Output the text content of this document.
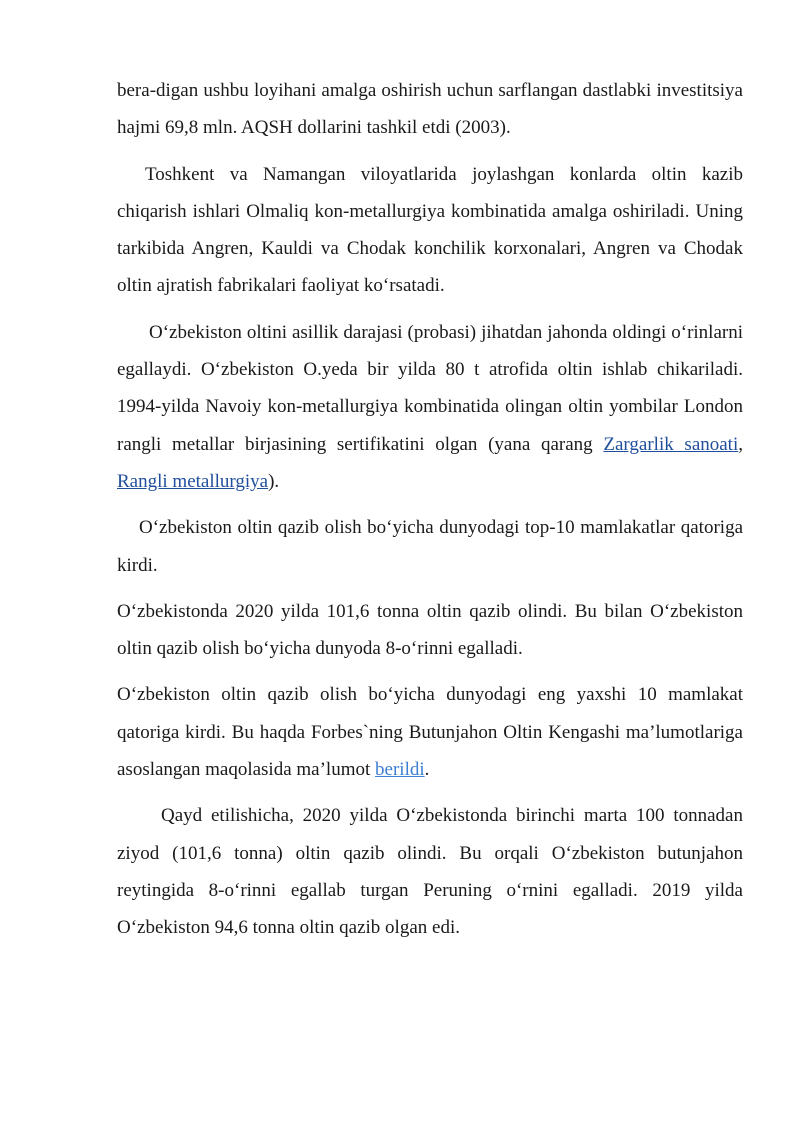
bera-digan ushbu loyihani amalga oshirish uchun sarflangan dastlabki investitsiya hajmi 69,8 mln. AQSH dollarini tashkil etdi (2003).

Toshkent va Namangan viloyatlarida joylashgan konlarda oltin kazib chiqarish ishlari Olmaliq kon-metallurgiya kombinatida amalga oshiriladi. Uning tarkibida Angren, Kauldi va Chodak konchilik korxonalari, Angren va Chodak oltin ajratish fabrikalari faoliyat koʻrsatadi.

Oʻzbekiston oltini asillik darajasi (probasi) jihatdan jahonda oldingi oʻrinlarni egallaydi. Oʻzbekiston O.yeda bir yilda 80 t atrofida oltin ishlab chikariladi. 1994-yilda Navoiy kon-metallurgiya kombinatida olingan oltin yombilar London rangli metallar birjasining sertifikatini olgan (yana qarang Zargarlik sanoati, Rangli metallurgiya).

Oʻzbekiston oltin qazib olish boʻyicha dunyodagi top-10 mamlakatlar qatoriga kirdi.

Oʻzbekistonda 2020 yilda 101,6 tonna oltin qazib olindi. Bu bilan Oʻzbekiston oltin qazib olish boʻyicha dunyoda 8-oʻrinni egalladi.

Oʻzbekiston oltin qazib olish boʻyicha dunyodagi eng yaxshi 10 mamlakat qatoriga kirdi. Bu haqda Forbes`ning Butunjahon Oltin Kengashi maʼlumotlariga asoslangan maqolasida maʼlumot berildi.

Qayd etilishicha, 2020 yilda Oʻzbekistonda birinchi marta 100 tonnadan ziyod (101,6 tonna) oltin qazib olindi. Bu orqali Oʻzbekiston butunjahon reytingida 8-oʻrinni egallab turgan Peruning oʻrnini egalladi. 2019 yilda Oʻzbekiston 94,6 tonna oltin qazib olgan edi.
